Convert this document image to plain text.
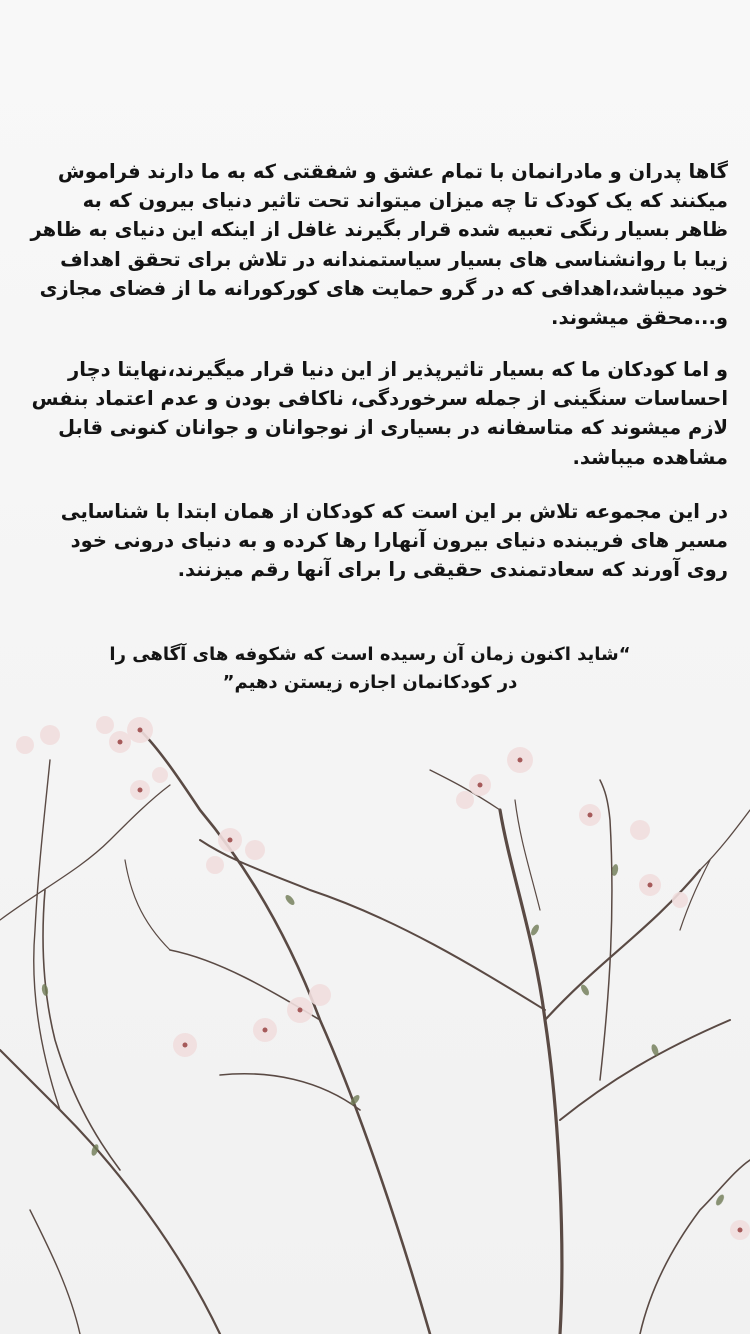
گاها پدران و مادرانمان با تمام عشق و شفقتی که به ما دارند فراموش میکنند که یک کودک تا چه میزان میتواند تحت تاثیر دنیای بیرون که به ظاهر بسیار رنگی تعبیه شده قرار بگیرند غافل از اینکه این دنیای به ظاهر زیبا با روانشناسی های بسیار سیاستمندانه در تلاش برای تحقق اهداف خود میباشد،اهدافی که در گرو حمایت های کورکورانه ما از فضای مجازی و...محقق میشوند.

و اما کودکان ما که بسیار تاثیرپذیر از این دنیا قرار میگیرند،نهایتا دچار احساسات سنگینی از جمله سرخوردگی، ناکافی بودن و عدم اعتماد بنفس لازم میشوند که متاسفانه در بسیاری از نوجوانان و جوانان کنونی قابل مشاهده میباشد.

در این مجموعه تلاش بر این است که کودکان از همان ابتدا با شناسایی مسیر های فریبنده دنیای بیرون آنهارا رها کرده و به دنیای درونی خود روی آورند که سعادتمندی حقیقی را برای آنها رقم میزنند.

“شاید اکنون زمان آن رسیده است که شکوفه های آگاهی را در کودکانمان اجازه زیستن دهیم”
